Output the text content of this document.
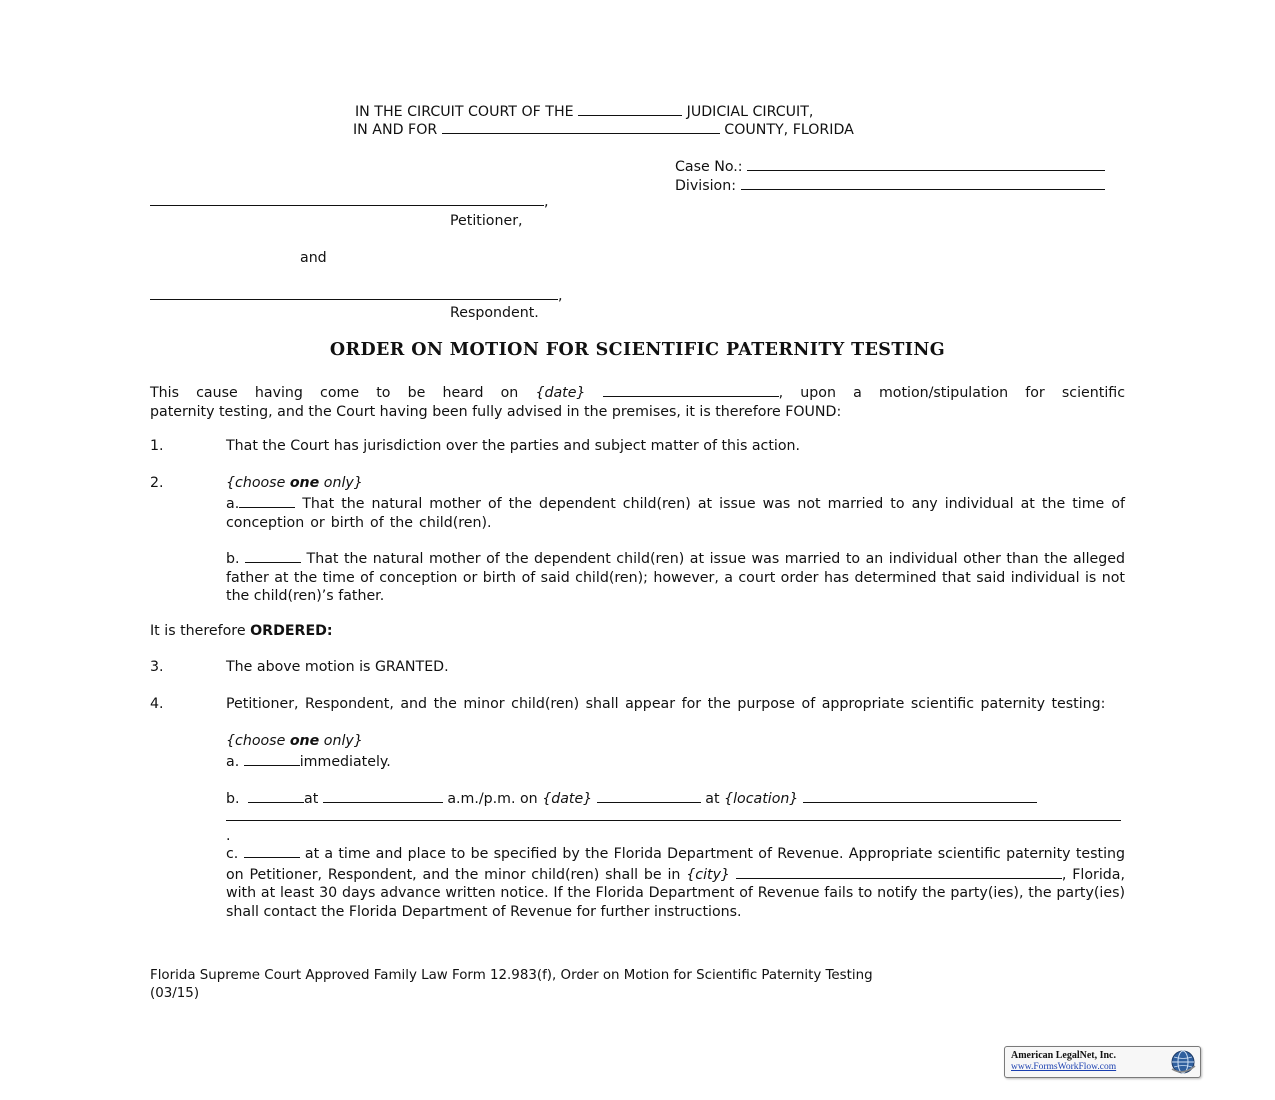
IN THE CIRCUIT COURT OF THE	JUDICIAL CIRCUIT,
IN AND FOR	COUNTY, FLORIDA
Case No.:
Division:
,
Petitioner,
and
,
Respondent.
ORDER ON MOTION FOR SCIENTIFIC PATERNITY TESTING
This cause having come to be heard on {date}	, upon a motion/stipulation for scientific
paternity testing, and the Court having been fully advised in the premises, it is therefore FOUND:
1.	That the Court has jurisdiction over the parties and subject matter of this action.
2.	{choose one only}
a.	That the natural mother of the dependent child(ren) at issue was not married to any individual at the time of conception or birth of the child(ren).
b.	That the natural mother of the dependent child(ren) at issue was married to an individual other than the alleged father at the time of conception or birth of said child(ren); however, a court order has determined that said individual is not the child(ren)’s father.
It is therefore ORDERED:
3.	The above motion is GRANTED.
4.	Petitioner, Respondent, and the minor child(ren) shall appear for the purpose of appropriate scientific paternity testing:
{choose one only}
a.	immediately.
b.	at	a.m./p.m. on {date}	at {location}
.
c.	at a time and place to be specified by the Florida Department of Revenue. Appropriate scientific paternity testing on Petitioner, Respondent, and the minor child(ren) shall be in {city}	, Florida, with at least 30 days advance written notice. If the Florida Department of Revenue fails to notify the party(ies), the party(ies) shall contact the Florida Department of Revenue for further instructions.
Florida Supreme Court Approved Family Law Form 12.983(f), Order on Motion for Scientific Paternity Testing
(03/15)
American LegalNet, Inc.
www.FormsWorkFlow.com
